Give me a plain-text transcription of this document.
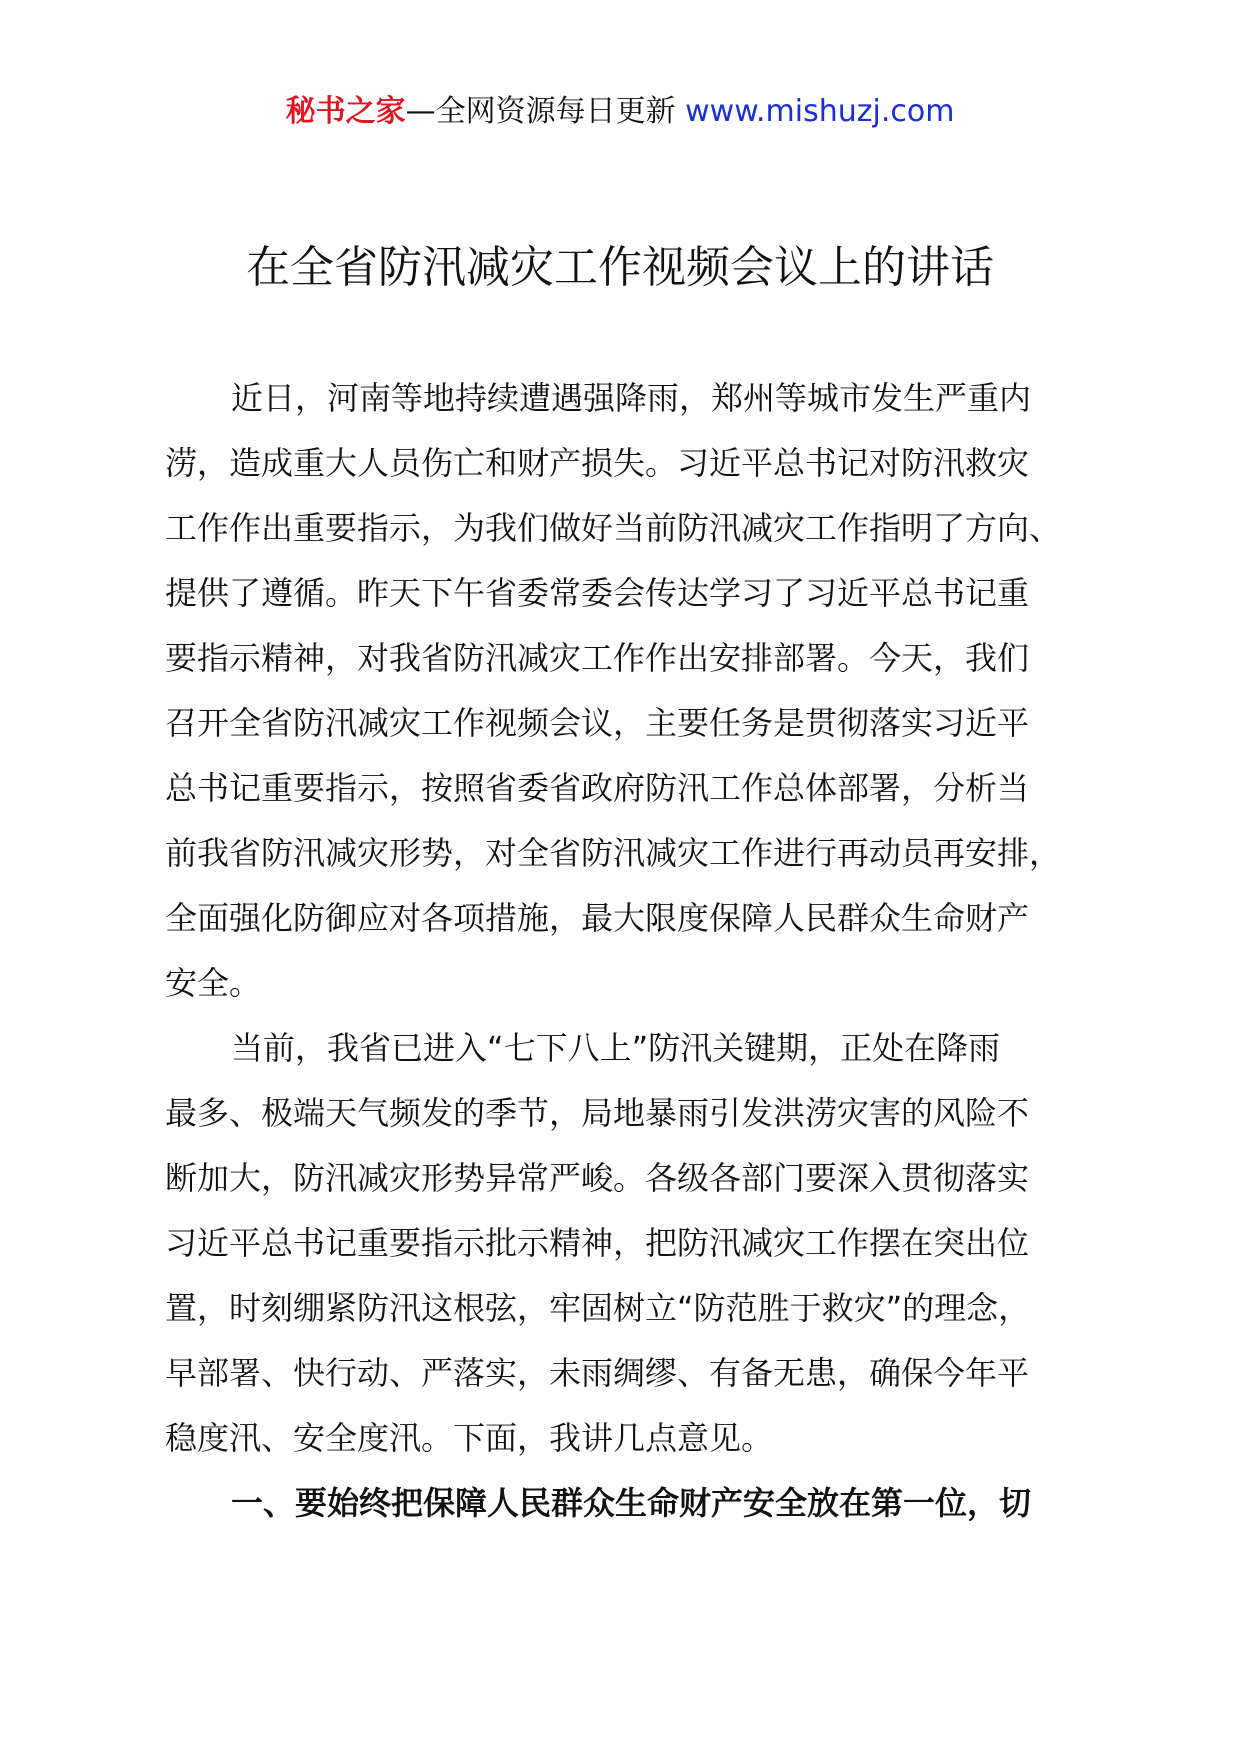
秘书之家—全网资源每日更新 www.mishuzj.com
在全省防汛减灾工作视频会议上的讲话

近日，河南等地持续遭遇强降雨，郑州等城市发生严重内
涝，造成重大人员伤亡和财产损失。习近平总书记对防汛救灾
工作作出重要指示，为我们做好当前防汛减灾工作指明了方向、
提供了遵循。昨天下午省委常委会传达学习了习近平总书记重
要指示精神，对我省防汛减灾工作作出安排部署。今天，我们
召开全省防汛减灾工作视频会议，主要任务是贯彻落实习近平
总书记重要指示，按照省委省政府防汛工作总体部署，分析当
前我省防汛减灾形势，对全省防汛减灾工作进行再动员再安排，
全面强化防御应对各项措施，最大限度保障人民群众生命财产
安全。

当前，我省已进入“七下八上”防汛关键期，正处在降雨
最多、极端天气频发的季节，局地暴雨引发洪涝灾害的风险不
断加大，防汛减灾形势异常严峻。各级各部门要深入贯彻落实
习近平总书记重要指示批示精神，把防汛减灾工作摆在突出位
置，时刻绷紧防汛这根弦，牢固树立“防范胜于救灾”的理念，
早部署、快行动、严落实，未雨绸缪、有备无患，确保今年平
稳度汛、安全度汛。下面，我讲几点意见。

一、要始终把保障人民群众生命财产安全放在第一位，切
